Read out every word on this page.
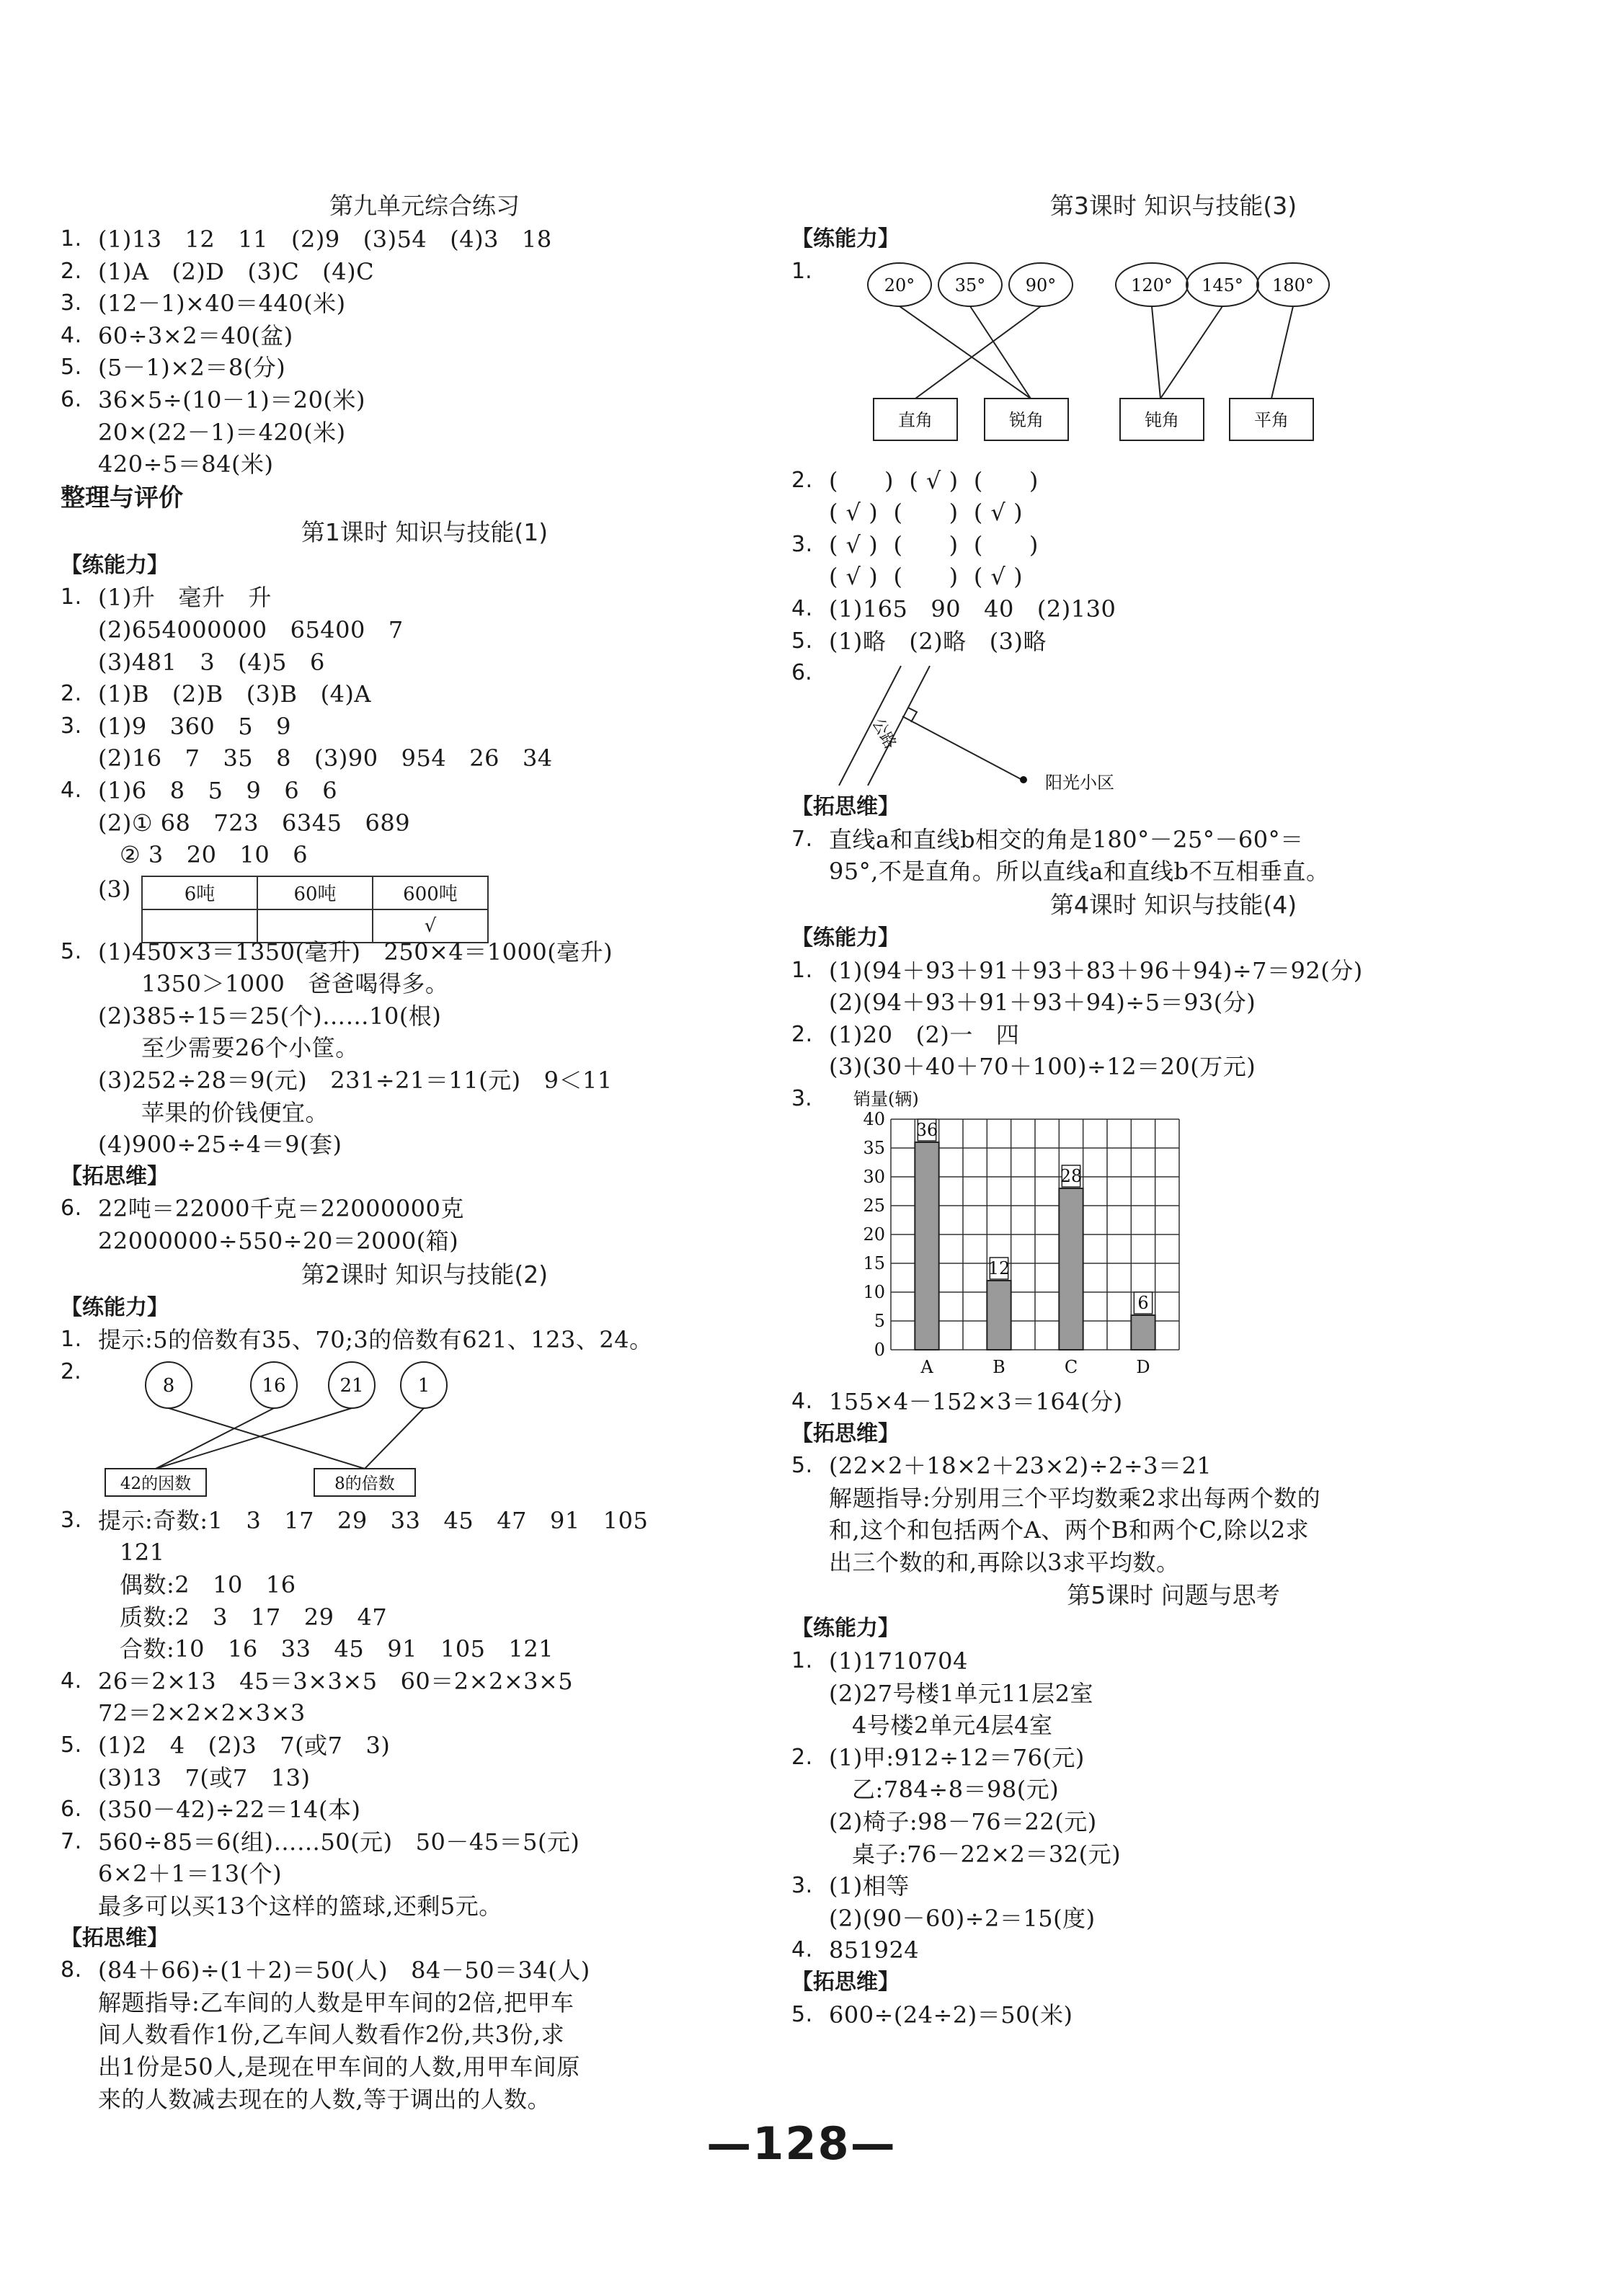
第九单元综合练习
1. (1)13   12   11   (2)9   (3)54   (4)3   18
2. (1)A   (2)D   (3)C   (4)C
3. (12－1)×40＝440(米)
4. 60÷3×2＝40(盆)
5. (5－1)×2＝8(分)
6. 36×5÷(10－1)＝20(米)
20×(22－1)＝420(米)
420÷5＝84(米)
整理与评价
第1课时 知识与技能(1)
【练能力】
1. (1)升   毫升   升
(2)654000000   65400   7
(3)481   3   (4)5   6
2. (1)B   (2)B   (3)B   (4)A
3. (1)9   360   5   9
(2)16   7   35   8   (3)90   954   26   34
4. (1)6   8   5   9   6   6
(2)① 68   723   6345   689
② 3   20   10   6
(3)	6吨	60吨	600吨
		√
5. (1)450×3＝1350(毫升)   250×4＝1000(毫升)
1350＞1000   爸爸喝得多。
(2)385÷15＝25(个)……10(根)
至少需要26个小筐。
(3)252÷28＝9(元)   231÷21＝11(元)   9＜11
苹果的价钱便宜。
(4)900÷25÷4＝9(套)
【拓思维】
6. 22吨＝22000千克＝22000000克
22000000÷550÷20＝2000(箱)
第2课时 知识与技能(2)
【练能力】
1. 提示:5的倍数有35、70;3的倍数有621、123、24。
2.
8	16	21	1
42的因数	8的倍数
3. 提示:奇数:1   3   17   29   33   45   47   91   105
121
偶数:2   10   16
质数:2   3   17   29   47
合数:10   16   33   45   91   105   121
4. 26＝2×13   45＝3×3×5   60＝2×2×3×5
72＝2×2×2×3×3
5. (1)2   4   (2)3   7(或7   3)
(3)13   7(或7   13)
6. (350－42)÷22＝14(本)
7. 560÷85＝6(组)……50(元)   50－45＝5(元)
6×2＋1＝13(个)
最多可以买13个这样的篮球,还剩5元。
【拓思维】
8. (84＋66)÷(1＋2)＝50(人)   84－50＝34(人)
解题指导:乙车间的人数是甲车间的2倍,把甲车
间人数看作1份,乙车间人数看作2份,共3份,求
出1份是50人,是现在甲车间的人数,用甲车间原
来的人数减去现在的人数,等于调出的人数。
第3课时 知识与技能(3)
【练能力】
1.
20° 35° 90°	120° 145° 180°
直角	锐角	钝角	平角
2. (      )  ( √ )  (      )
( √ )  (      )  ( √ )
3. ( √ )  (      )  (      )
( √ )  (      )  ( √ )
4. (1)165   90   40   (2)130
5. (1)略   (2)略   (3)略
6.
公路
阳光小区
【拓思维】
7. 直线a和直线b相交的角是180°－25°－60°＝
95°,不是直角。所以直线a和直线b不互相垂直。
第4课时 知识与技能(4)
【练能力】
1. (1)(94＋93＋91＋93＋83＋96＋94)÷7＝92(分)
(2)(94＋93＋91＋93＋94)÷5＝93(分)
2. (1)20   (2)一   四
(3)(30＋40＋70＋100)÷12＝20(万元)
3. 销量(辆)
0
5
10
15
20
25
30
35
40
36
A
12
B
28
C
6
D
4. 155×4－152×3＝164(分)
【拓思维】
5. (22×2＋18×2＋23×2)÷2÷3＝21
解题指导:分别用三个平均数乘2求出每两个数的
和,这个和包括两个A、两个B和两个C,除以2求
出三个数的和,再除以3求平均数。
第5课时 问题与思考
【练能力】
1. (1)1710704
(2)27号楼1单元11层2室
4号楼2单元4层4室
2. (1)甲:912÷12＝76(元)
乙:784÷8＝98(元)
(2)椅子:98－76＝22(元)
桌子:76－22×2＝32(元)
3. (1)相等
(2)(90－60)÷2＝15(度)
4. 851924
【拓思维】
5. 600÷(24÷2)＝50(米)
—128—
